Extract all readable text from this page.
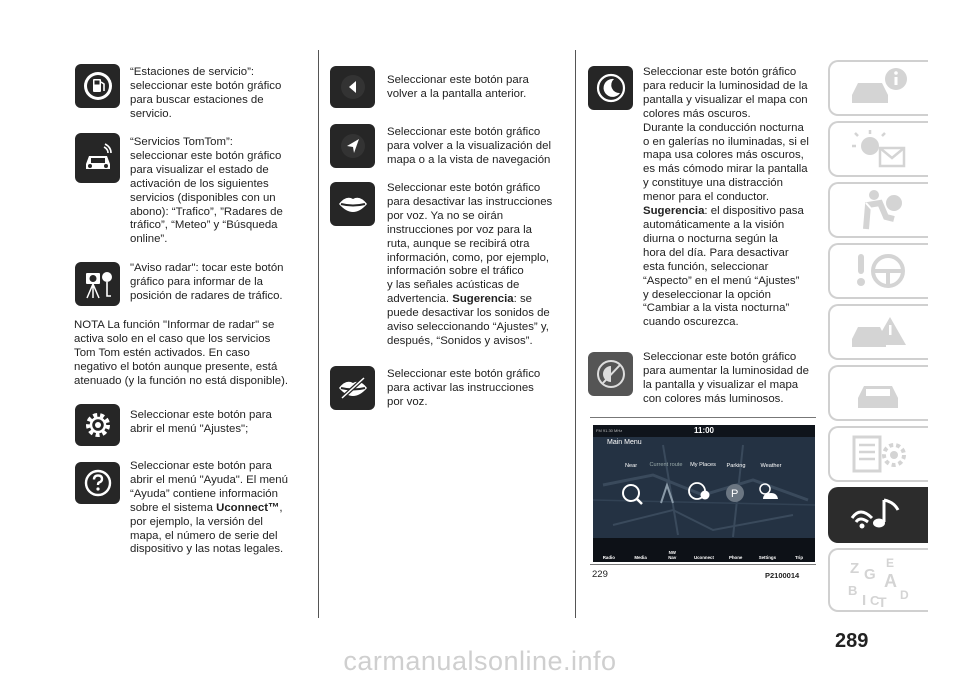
“Estaciones de servicio”:
seleccionar este botón gráfico
para buscar estaciones de
servicio.
“Servicios TomTom”:
seleccionar este botón gráfico
para visualizar el estado de
activación de los siguientes
servicios (disponibles con un
abono): “Trafico”, ”Radares de
tráfico”, “Meteo” y “Búsqueda
online”.
"Aviso radar": tocar este botón
gráfico para informar de la
posición de radares de tráfico.
NOTA La función "Informar de radar" se
activa solo en el caso que los servicios
Tom Tom estén activados. En caso
negativo el botón aunque presente, está
atenuado (y la función no está disponible).
Seleccionar este botón para
abrir el menú "Ajustes";
Seleccionar este botón para
abrir el menú "Ayuda". El menú
“Ayuda” contiene información
sobre el sistema Uconnect™,
por ejemplo, la versión del
mapa, el número de serie del
dispositivo y las notas legales.
Seleccionar este botón para
volver a la pantalla anterior.
Seleccionar este botón gráfico
para volver a la visualización del
mapa o a la vista de navegación
Seleccionar este botón gráfico
para desactivar las instrucciones
por voz. Ya no se oirán
instrucciones por voz para la
ruta, aunque se recibirá otra
información, como, por ejemplo,
información sobre el tráfico
y las señales acústicas de
advertencia. Sugerencia: se
puede desactivar los sonidos de
aviso seleccionando “Ajustes” y,
después, “Sonidos y avisos”.
Seleccionar este botón gráfico
para activar las instrucciones
por voz.
Seleccionar este botón gráfico
para reducir la luminosidad de la
pantalla y visualizar el mapa con
colores más oscuros.
Durante la conducción nocturna
o en galerías no iluminadas, si el
mapa usa colores más oscuros,
es más cómodo mirar la pantalla
y constituye una distracción
menor para el conductor.
Sugerencia: el dispositivo pasa
automáticamente a la visión
diurna o nocturna según la
hora del día. Para desactivar
esta función, seleccionar
“Aspecto” en el menú “Ajustes”
y deseleccionar la opción
“Cambiar a la vista nocturna”
cuando oscurezca.
Seleccionar este botón gráfico
para aumentar la luminosidad de
la pantalla y visualizar el mapa
con colores más luminosos.
FM 91.30 MHz	11:00
Main Menu
Near	Current route	My Places	Parking	Weather
P
Radio	Media
NW
Nav	Uconnect	Phone	Settings	Trip
229	P2100014	Z E
G A
B
I C
T D
289
carmanualsonline.info
